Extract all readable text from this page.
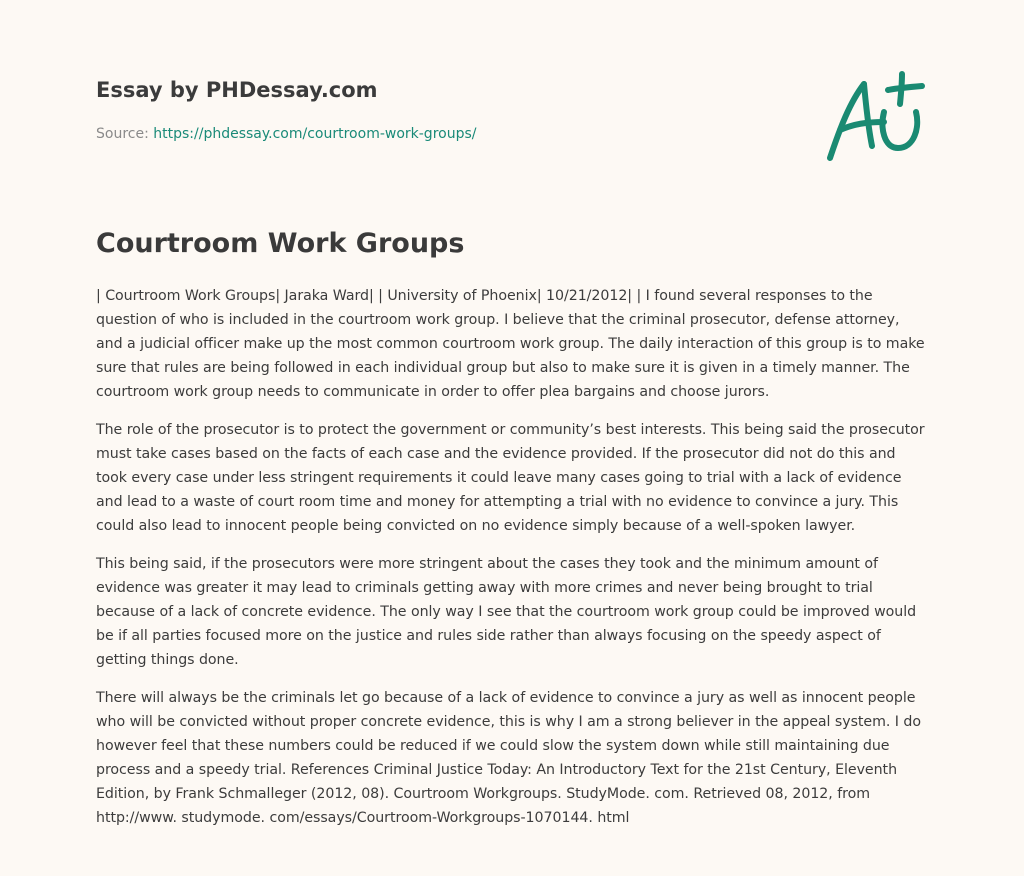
Essay by PHDessay.com
Source: https://phdessay.com/courtroom-work-groups/
Courtroom Work Groups

| Courtroom Work Groups| Jaraka Ward| | University of Phoenix| 10/21/2012| | I found several responses to the question of who is included in the courtroom work group. I believe that the criminal prosecutor, defense attorney, and a judicial officer make up the most common courtroom work group. The daily interaction of this group is to make sure that rules are being followed in each individual group but also to make sure it is given in a timely manner. The courtroom work group needs to communicate in order to offer plea bargains and choose jurors.

The role of the prosecutor is to protect the government or community’s best interests. This being said the prosecutor must take cases based on the facts of each case and the evidence provided. If the prosecutor did not do this and took every case under less stringent requirements it could leave many cases going to trial with a lack of evidence and lead to a waste of court room time and money for attempting a trial with no evidence to convince a jury. This could also lead to innocent people being convicted on no evidence simply because of a well-spoken lawyer.

This being said, if the prosecutors were more stringent about the cases they took and the minimum amount of evidence was greater it may lead to criminals getting away with more crimes and never being brought to trial because of a lack of concrete evidence. The only way I see that the courtroom work group could be improved would be if all parties focused more on the justice and rules side rather than always focusing on the speedy aspect of getting things done.

There will always be the criminals let go because of a lack of evidence to convince a jury as well as innocent people who will be convicted without proper concrete evidence, this is why I am a strong believer in the appeal system. I do however feel that these numbers could be reduced if we could slow the system down while still maintaining due process and a speedy trial. References Criminal Justice Today: An Introductory Text for the 21st Century, Eleventh Edition, by Frank Schmalleger (2012, 08). Courtroom Workgroups. StudyMode. com. Retrieved 08, 2012, from http://www. studymode. com/essays/Courtroom-Workgroups-1070144. html
